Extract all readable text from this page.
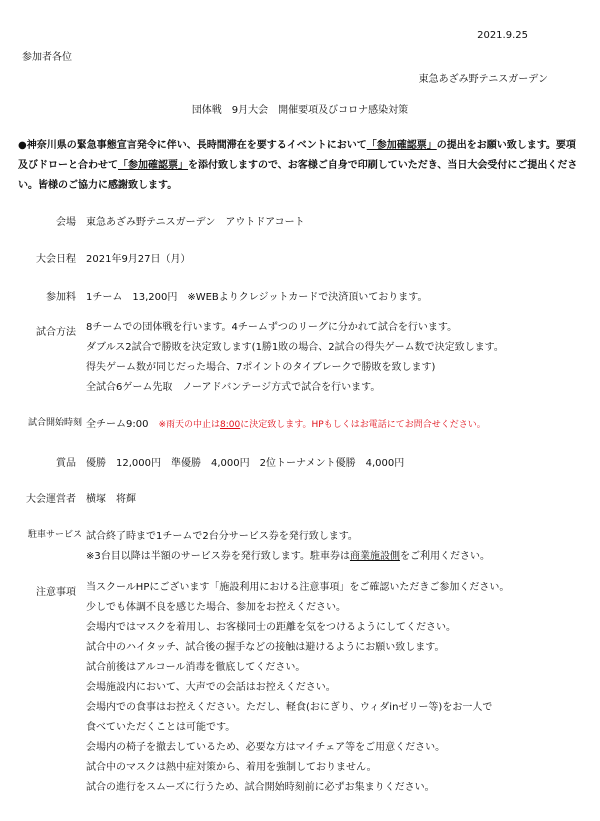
2021.9.25
参加者各位
東急あざみ野テニスガーデン
団体戦　9月大会　開催要項及びコロナ感染対策
●神奈川県の緊急事態宣言発令に伴い、長時間滞在を要するイベントにおいて「参加確認票」の提出をお願い致します。要項及びドローと合わせて「参加確認票」を添付致しますので、お客様ご自身で印刷していただき、当日大会受付にご提出ください。皆様のご協力に感謝致します。
会場 東急あざみ野テニスガーデン　アウトドアコート
大会日程 2021年9月27日（月）
参加料 1チーム　13,200円　※WEBよりクレジットカードで決済頂いております。
試合方法 8チームでの団体戦を行います。4チームずつのリーグに分かれて試合を行います。
ダブルス2試合で勝敗を決定致します(1勝1敗の場合、2試合の得失ゲーム数で決定致します。
得失ゲーム数が同じだった場合、7ポイントのタイブレークで勝敗を致します)
全試合6ゲーム先取　ノーアドバンテージ方式で試合を行います。
試合開始時刻 全チーム9:00　 ※雨天の中止は8:00に決定致します。HPもしくはお電話にてお問合せください。
賞品 優勝　12,000円　準優勝　4,000円　2位トーナメント優勝　4,000円
大会運営者 横塚　将輝
駐車サービス 試合終了時まで1チームで2台分サービス券を発行致します。
※3台目以降は半額のサービス券を発行致します。駐車券は商業施設側をご利用ください。
注意事項 当スクールHPにございます「施設利用における注意事項」をご確認いただきご参加ください。
少しでも体調不良を感じた場合、参加をお控えください。
会場内ではマスクを着用し、お客様同士の距離を気をつけるようにしてください。
試合中のハイタッチ、試合後の握手などの接触は避けるようにお願い致します。
試合前後はアルコール消毒を徹底してください。
会場施設内において、大声での会話はお控えください。
会場内での食事はお控えください。ただし、軽食(おにぎり、ウィダinゼリー等)をお一人で
食べていただくことは可能です。
会場内の椅子を撤去しているため、必要な方はマイチェア等をご用意ください。
試合中のマスクは熱中症対策から、着用を強制しておりません。
試合の進行をスムーズに行うため、試合開始時刻前に必ずお集まりください。
